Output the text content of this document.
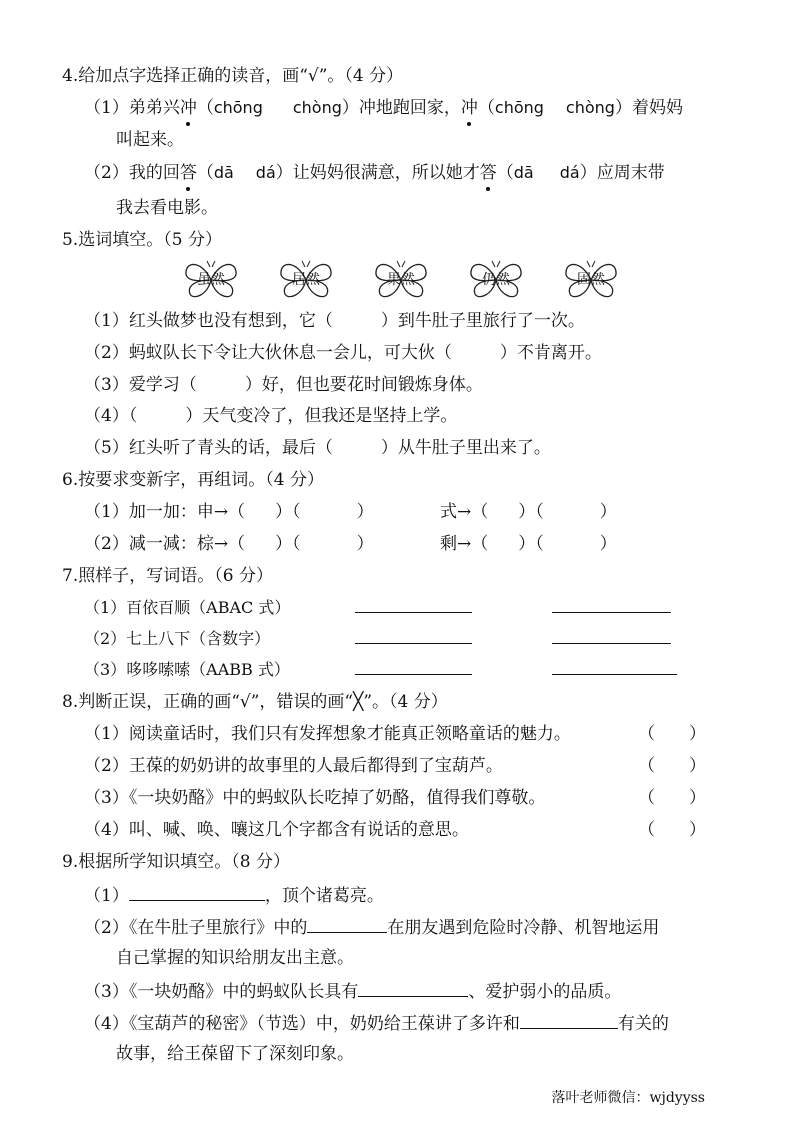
4.给加点字选择正确的读音，画“√”。（4 分）
（1）弟弟兴冲（chōng chòng）冲地跑回家，冲（chōng chòng）着妈妈
叫起来。
（2）我的回答（dā dá）让妈妈很满意，所以她才答（dā dá）应周末带
我去看电影。
5.选词填空。（5 分）
虽然	居然	果然	仍然	固然
（1）红头做梦也没有想到，它（	）到牛肚子里旅行了一次。
（2）蚂蚁队长下令让大伙休息一会儿，可大伙（	）不肯离开。
（3）爱学习（	）好，但也要花时间锻炼身体。
（4）（	）天气变冷了，但我还是坚持上学。
（5）红头听了青头的话，最后（	）从牛肚子里出来了。
6.按要求变新字，再组词。（4 分）
（1）加一加：申→（ ）（	）	式→（ ）（	）
（2）减一减：棕→（ ）（	）	剩→（ ）（	）
7.照样子，写词语。（6 分）
（1）百依百顺（ABAC 式）
（2）七上八下（含数字）
（3）哆哆嗦嗦（AABB 式）
8.判断正误，正确的画“√”，错误的画“╳”。（4 分）
（1）阅读童话时，我们只有发挥想象才能真正领略童话的魅力。	（　　）
（2）王葆的奶奶讲的故事里的人最后都得到了宝葫芦。	（　　）
（3）《一块奶酪》中的蚂蚁队长吃掉了奶酪，值得我们尊敬。	（　　）
（4）叫、喊、唤、嚷这几个字都含有说话的意思。	（　　）
9.根据所学知识填空。（8 分）
（1）	，顶个诸葛亮。
（2）《在牛肚子里旅行》中的	在朋友遇到危险时冷静、机智地运用
自己掌握的知识给朋友出主意。
（3）《一块奶酪》中的蚂蚁队长具有	、爱护弱小的品质。
（4）《宝葫芦的秘密》（节选）中，奶奶给王葆讲了多许和	有关的
故事，给王葆留下了深刻印象。
落叶老师微信：wjdyyss
